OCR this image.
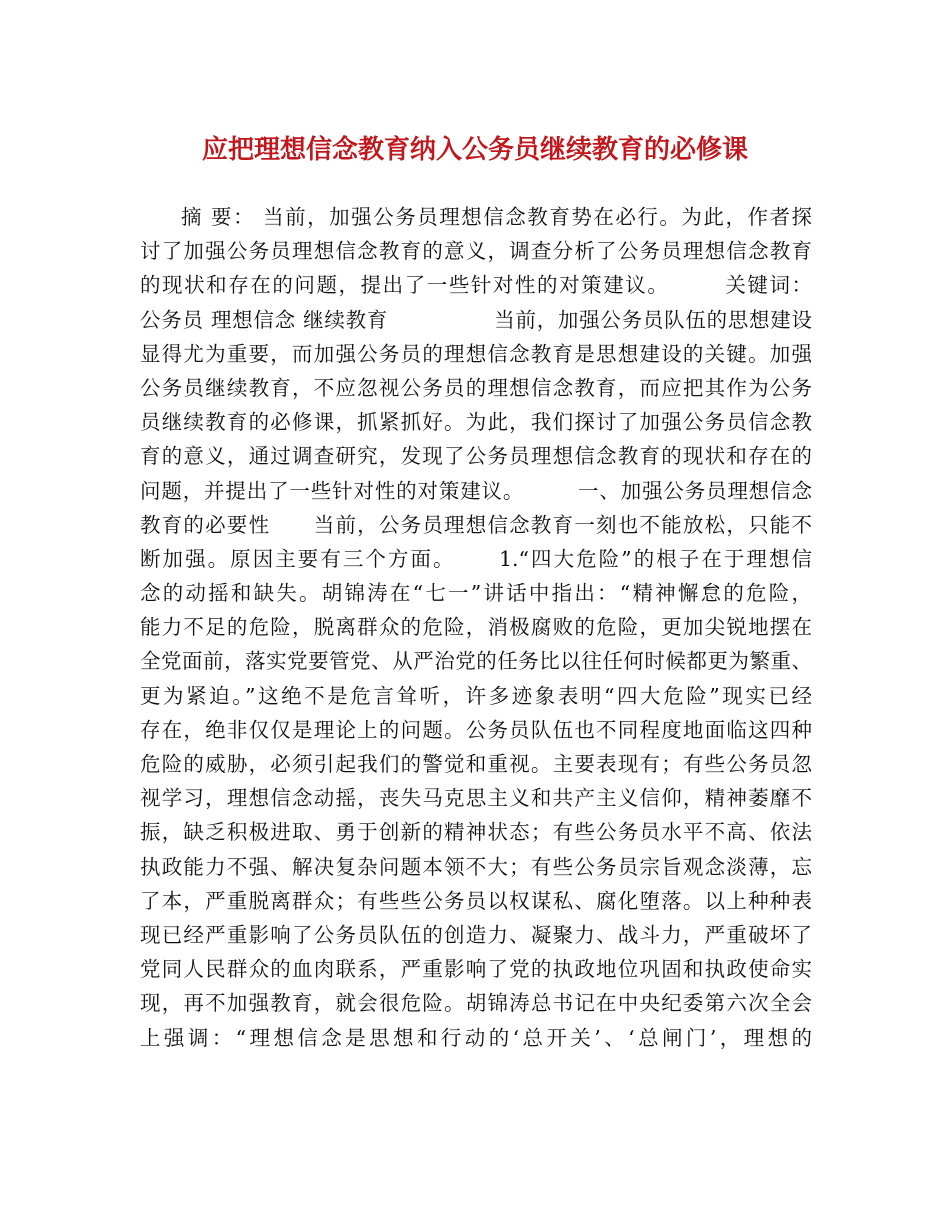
应把理想信念教育纳入公务员继续教育的必修课
摘 要： 当前，加强公务员理想信念教育势在必行。为此，作者探
讨了加强公务员理想信念教育的意义，调查分析了公务员理想信念教育
的现状和存在的问题，提出了一些针对性的对策建议。　　　关键词：
公务员 理想信念 继续教育　　　　　当前，加强公务员队伍的思想建设
显得尤为重要，而加强公务员的理想信念教育是思想建设的关键。加强
公务员继续教育，不应忽视公务员的理想信念教育，而应把其作为公务
员继续教育的必修课，抓紧抓好。为此，我们探讨了加强公务员信念教
育的意义，通过调查研究，发现了公务员理想信念教育的现状和存在的
问题，并提出了一些针对性的对策建议。　　　一、加强公务员理想信念
教育的必要性　　当前，公务员理想信念教育一刻也不能放松，只能不
断加强。原因主要有三个方面。　　 1.“四大危险”的根子在于理想信
念的动摇和缺失。胡锦涛在“七一”讲话中指出：“精神懈怠的危险，
能力不足的危险，脱离群众的危险，消极腐败的危险，更加尖锐地摆在
全党面前，落实党要管党、从严治党的任务比以往任何时候都更为繁重、
更为紧迫。”这绝不是危言耸听，许多迹象表明“四大危险”现实已经
存在，绝非仅仅是理论上的问题。公务员队伍也不同程度地面临这四种
危险的威胁，必须引起我们的警觉和重视。主要表现有；有些公务员忽
视学习，理想信念动摇，丧失马克思主义和共产主义信仰，精神萎靡不
振，缺乏积极进取、勇于创新的精神状态；有些公务员水平不高、依法
执政能力不强、解决复杂问题本领不大；有些公务员宗旨观念淡薄，忘
了本，严重脱离群众；有些些公务员以权谋私、腐化堕落。以上种种表
现已经严重影响了公务员队伍的创造力、凝聚力、战斗力，严重破坏了
党同人民群众的血肉联系，严重影响了党的执政地位巩固和执政使命实
现，再不加强教育，就会很危险。胡锦涛总书记在中央纪委第六次全会
上强调：“理想信念是思想和行动的‘总开关’、‘总闸门’，理想的
